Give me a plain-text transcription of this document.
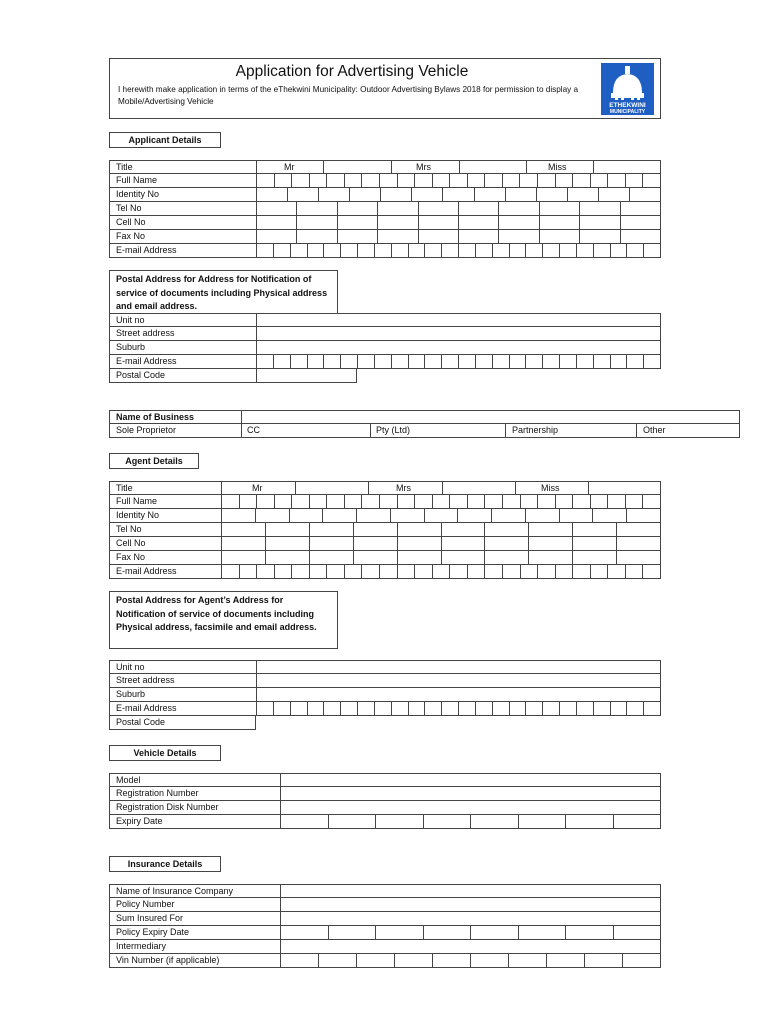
Application for Advertising Vehicle
I herewith make application in terms of the eThekwini Municipality: Outdoor Advertising Bylaws 2018 for permission to display a Mobile/Advertising Vehicle	ETHEKWINI
MUNICIPALITY
Applicant Details
Title	Mr	Mrs	Miss
Full Name
Identity No
Tel No
Cell No
Fax No
E-mail Address
Postal Address for Address for Notification of service of documents including Physical address and email address.
Unit no
Street address
Suburb
E-mail Address
Postal Code
Name of Business
Sole Proprietor	CC	Pty (Ltd)	Partnership	Other
Agent Details
Title	Mr	Mrs	Miss
Full Name
Identity No
Tel No
Cell No
Fax No
E-mail Address
Postal Address for Agent’s Address for Notification of service of documents including Physical address, facsimile and email address.
Unit no
Street address
Suburb
E-mail Address
Postal Code
Vehicle Details
Model
Registration Number
Registration Disk Number
Expiry Date
Insurance Details
Name of Insurance Company
Policy Number
Sum Insured For
Policy Expiry Date
Intermediary
Vin Number (if applicable)
